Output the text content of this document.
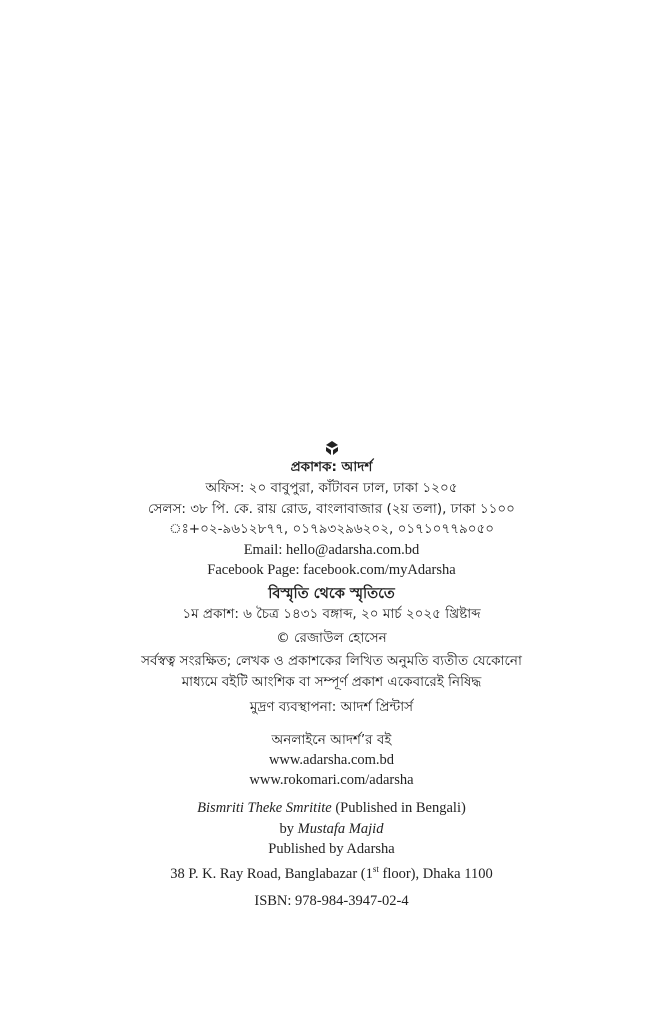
প্রকাশক: আদর্শ
অফিস: ২০ বাবুপুরা, কাঁটাবন ঢাল, ঢাকা ১২০৫
সেলস: ৩৮ পি. কে. রায় রোড, বাংলাবাজার (২য় তলা), ঢাকা ১১০০
ঃ+০২-৯৬১২৮৭৭, ০১৭৯৩২৯৬২০২, ০১৭১০৭৭৯০৫০
Email: hello@adarsha.com.bd
Facebook Page: facebook.com/myAdarsha
বিস্মৃতি থেকে স্মৃতিতে
১ম প্রকাশ: ৬ চৈত্র ১৪৩১ বঙ্গাব্দ, ২০ মার্চ ২০২৫ খ্রিষ্টাব্দ
© রেজাউল হোসেন
সর্বস্বত্ব সংরক্ষিত; লেখক ও প্রকাশকের লিখিত অনুমতি ব্যতীত যেকোনো
মাধ্যমে বইটি আংশিক বা সম্পূর্ণ প্রকাশ একেবারেই নিষিদ্ধ
মুদ্রণ ব্যবস্থাপনা: আদর্শ প্রিন্টার্স
অনলাইনে আদর্শ’র বই
www.adarsha.com.bd
www.rokomari.com/adarsha
Bismriti Theke Smritite (Published in Bengali)
by Mustafa Majid
Published by Adarsha
38 P. K. Ray Road, Banglabazar (1st floor), Dhaka 1100
ISBN: 978-984-3947-02-4
